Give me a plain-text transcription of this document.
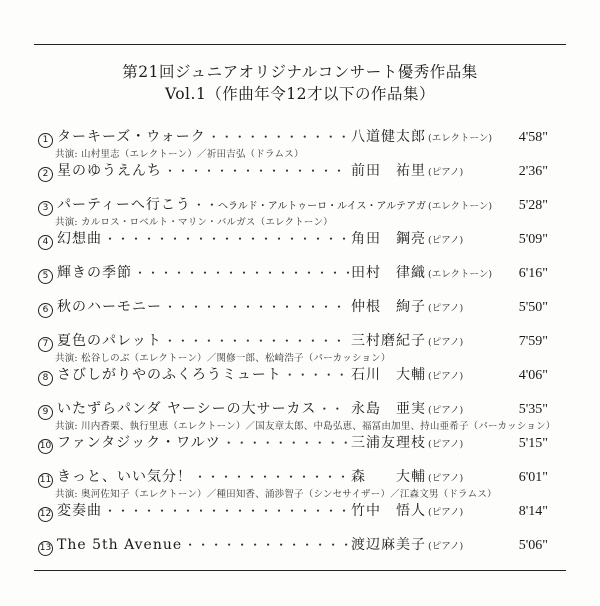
第21回ジュニアオリジナルコンサート優秀作品集
Vol.1（作曲年令12才以下の作品集）
1 ターキーズ・ウォーク ・・・・・・・・・・・・・・・・・・・・・・・・・・・・・・・・・・・・・・・・・・・・・・・・・・・・・・・・・・	八道健太郎 (エレクトーン)	4'58"
共演: 山村里志（エレクトーン）／祈田吉弘（ドラムス）
2 星のゆうえんち ・・・・・・・・・・・・・・・・・・・・・・・・・・・・・・・・・・・・・・・・・・・・・・・・・・・・・・・・・・	前田　祐里 (ピアノ)	2'36"
3 パーティーへ行こう ・・・・・・・・・・・・・・・・・・・・・・・・・・・・・・・・・・・・・・・・・・・・・・・・・・・・・・・・・・	ヘラルド・アルトゥーロ・ルイス・アルテアガ (エレクトーン)	5'28"
共演: カルロス・ロベルト・マリン・バルガス（エレクトーン）
4 幻想曲 ・・・・・・・・・・・・・・・・・・・・・・・・・・・・・・・・・・・・・・・・・・・・・・・・・・・・・・・・・・	角田　鋼亮 (ピアノ)	5'09"
5 輝きの季節 ・・・・・・・・・・・・・・・・・・・・・・・・・・・・・・・・・・・・・・・・・・・・・・・・・・・・・・・・・・	田村　律織 (エレクトーン)	6'16"
6 秋のハーモニー ・・・・・・・・・・・・・・・・・・・・・・・・・・・・・・・・・・・・・・・・・・・・・・・・・・・・・・・・・・	仲根　絢子 (ピアノ)	5'50"
7 夏色のパレット ・・・・・・・・・・・・・・・・・・・・・・・・・・・・・・・・・・・・・・・・・・・・・・・・・・・・・・・・・・	三村磨紀子 (ピアノ)	7'59"
共演: 松谷しのぶ（エレクトーン）／関修一郎、松崎浩子（パーカッション）
8 さびしがりやのふくろうミュート ・・・・・・・・・・・・・・・・・・・・・・・・・・・・・・・・・・・・・・・・・・・・・・・・・・・・・・・・・・	石川　大輔 (ピアノ)	4'06"
9 いたずらパンダ ヤーシーの大サーカス ・・・・・・・・・・・・・・・・・・・・・・・・・・・・・・・・・・・・・・・・・・・・・・・・・・・・・・・・・・ 永島　亜実 (ピアノ)	5'35"
共演: 川内香栗、執行里恵（エレクトーン）／国友章太郎、中島弘恵、福冨由加里、持山亜希子（パーカッション）
10 ファンタジック・ワルツ ・・・・・・・・・・・・・・・・・・・・・・・・・・・・・・・・・・・・・・・・・・・・・・・・・・・・・・・・・・	三浦友理枝 (ピアノ)	5'15"
11 きっと、いい気分！ ・・・・・・・・・・・・・・・・・・・・・・・・・・・・・・・・・・・・・・・・・・・・・・・・・・・・・・・・・・	森　　大輔 (ピアノ)	6'01"
共演: 奥河佐知子（エレクトーン）／種田知香、涌渉智子（シンセサイザー）／江森文男（ドラムス）
12 変奏曲 ・・・・・・・・・・・・・・・・・・・・・・・・・・・・・・・・・・・・・・・・・・・・・・・・・・・・・・・・・・	竹中　悟人 (ピアノ)	8'14"
13 The 5th Avenue ・・・・・・・・・・・・・・・・・・・・・・・・・・・・・・・・・・・・・・・・・・・・・・・・・・・・・・・・・・	渡辺麻美子 (ピアノ)	5'06"
